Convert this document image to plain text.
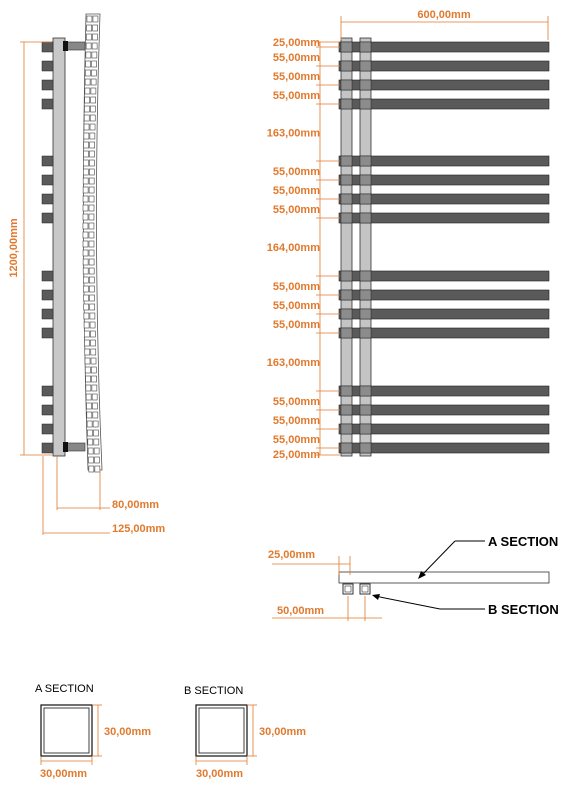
1200,00mm
80,00mm
125,00mm
25,00mm
55,00mm
55,00mm
55,00mm
163,00mm
55,00mm
55,00mm
55,00mm
164,00mm
55,00mm
55,00mm
55,00mm
163,00mm
55,00mm
55,00mm
55,00mm
25,00mm
600,00mm
25,00mm
50,00mm
A SECTION
B SECTION
A SECTION
30,00mm
30,00mm
B SECTION
30,00mm
30,00mm
